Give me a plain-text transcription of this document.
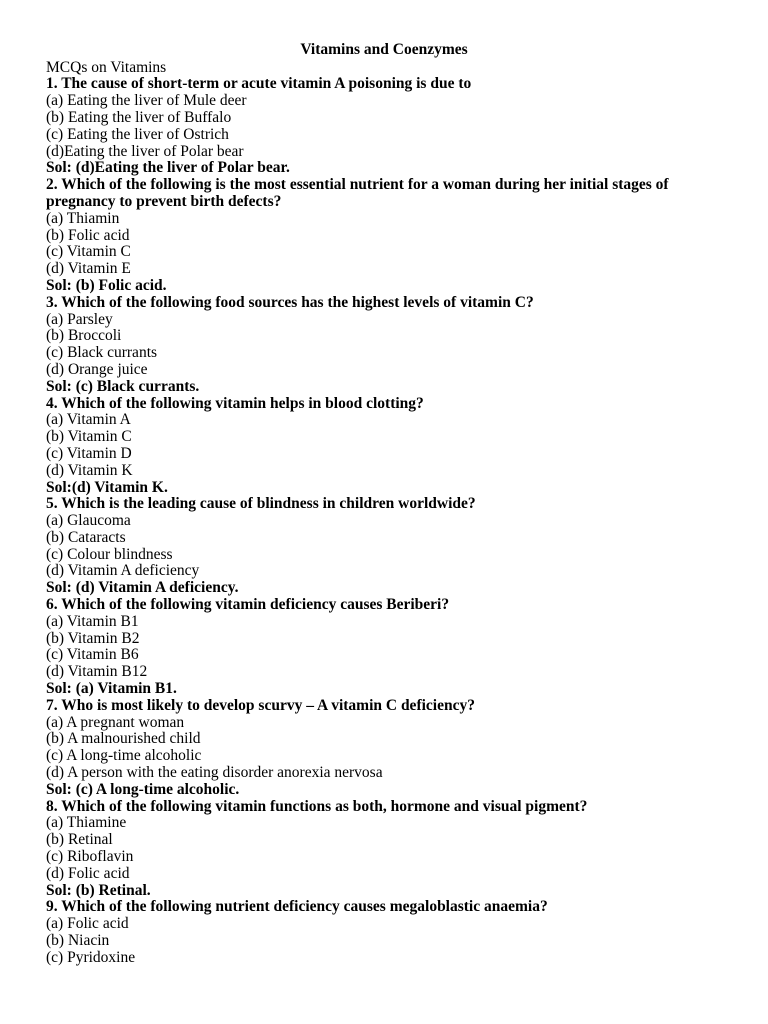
Vitamins and Coenzymes
MCQs on Vitamins
1. The cause of short-term or acute vitamin A poisoning is due to
(a) Eating the liver of Mule deer
(b) Eating the liver of Buffalo
(c) Eating the liver of Ostrich
(d)Eating the liver of Polar bear
Sol: (d)Eating the liver of Polar bear.
2. Which of the following is the most essential nutrient for a woman during her initial stages of
pregnancy to prevent birth defects?
(a) Thiamin
(b) Folic acid
(c) Vitamin C
(d) Vitamin E
Sol: (b) Folic acid.
3. Which of the following food sources has the highest levels of vitamin C?
(a) Parsley
(b) Broccoli
(c) Black currants
(d) Orange juice
Sol: (c) Black currants.
4. Which of the following vitamin helps in blood clotting?
(a) Vitamin A
(b) Vitamin C
(c) Vitamin D
(d) Vitamin K
Sol:(d) Vitamin K.
5. Which is the leading cause of blindness in children worldwide?
(a) Glaucoma
(b) Cataracts
(c) Colour blindness
(d) Vitamin A deficiency
Sol: (d) Vitamin A deficiency.
6. Which of the following vitamin deficiency causes Beriberi?
(a) Vitamin B1
(b) Vitamin B2
(c) Vitamin B6
(d) Vitamin B12
Sol: (a) Vitamin B1.
7. Who is most likely to develop scurvy – A vitamin C deficiency?
(a) A pregnant woman
(b) A malnourished child
(c) A long-time alcoholic
(d) A person with the eating disorder anorexia nervosa
Sol: (c) A long-time alcoholic.
8. Which of the following vitamin functions as both, hormone and visual pigment?
(a) Thiamine
(b) Retinal
(c) Riboflavin
(d) Folic acid
Sol: (b) Retinal.
9. Which of the following nutrient deficiency causes megaloblastic anaemia?
(a) Folic acid
(b) Niacin
(c) Pyridoxine
